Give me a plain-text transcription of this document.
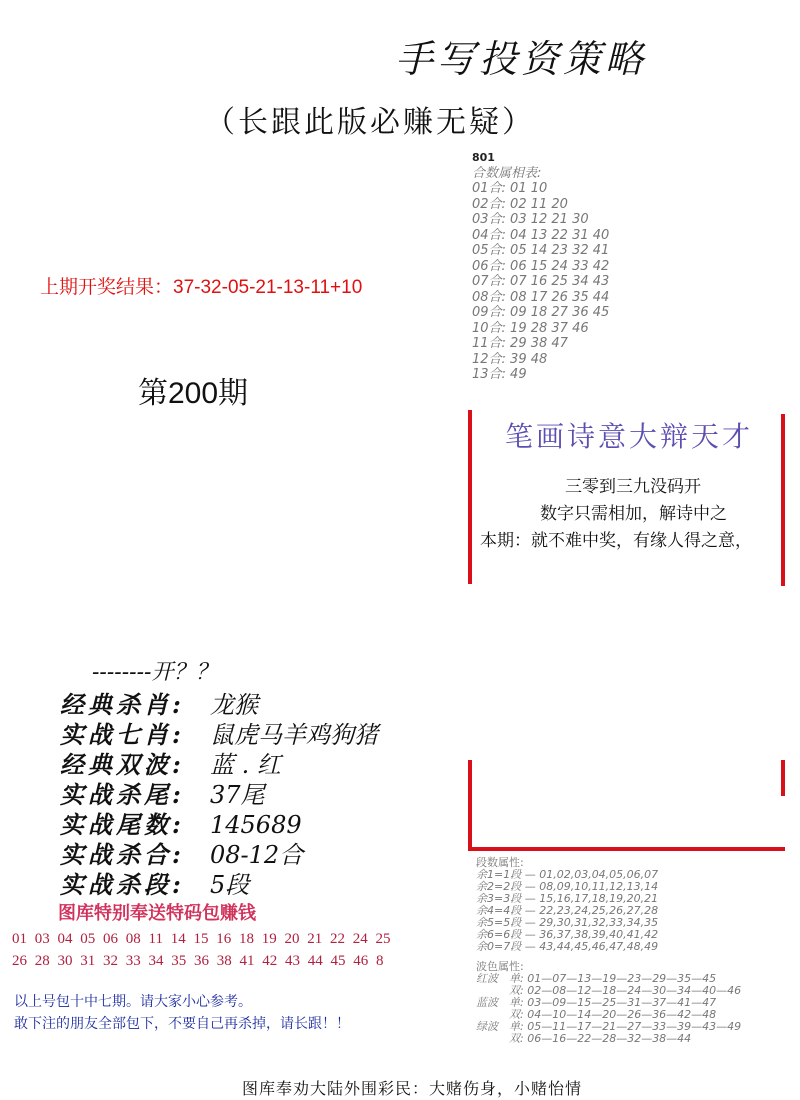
手写投资策略
（长跟此版必赚无疑）
上期开奖结果：37-32-05-21-13-11+10
第200期
801
合数属相表:
01合: 01 10
02合: 02 11 20
03合: 03 12 21 30
04合: 04 13 22 31 40
05合: 05 14 23 32 41
06合: 06 15 24 33 42
07合: 07 16 25 34 43
08合: 08 17 26 35 44
09合: 09 18 27 36 45
10合: 19 28 37 46
11合: 29 38 47
12合: 39 48
13合: 49
笔画诗意大辩天才
三零到三九没码开
数字只需相加，解诗中之
本期：就不难中奖，有缘人得之意，
--------开？？
经典杀肖: 龙猴
实战七肖: 鼠虎马羊鸡狗猪
经典双波: 蓝 . 红
实战杀尾: 37尾
实战尾数: 145689
实战杀合: 08-12合
实战杀段: 5段
图库特别奉送特码包赚钱
01 03 04 05 06 08 11 14 15 16 18 19 20 21 22 24 25
26 28 30 31 32 33 34 35 36 38 41 42 43 44 45 46 8
以上号包十中七期。请大家小心参考。
敢下注的朋友全部包下，不要自己再杀掉，请长跟！！
段数属性:
余1=1段 — 01,02,03,04,05,06,07
余2=2段 — 08,09,10,11,12,13,14
余3=3段 — 15,16,17,18,19,20,21
余4=4段 — 22,23,24,25,26,27,28
余5=5段 — 29,30,31,32,33,34,35
余6=6段 — 36,37,38,39,40,41,42
余0=7段 — 43,44,45,46,47,48,49
波色属性:
红波　单: 01—07—13—19—23—29—35—45
　　　双: 02—08—12—18—24—30—34—40—46
蓝波　单: 03—09—15—25—31—37—41—47
　　　双: 04—10—14—20—26—36—42—48
绿波　单: 05—11—17—21—27—33—39—43—49
　　　双: 06—16—22—28—32—38—44
图库奉劝大陆外围彩民：大赌伤身，小赌怡情
